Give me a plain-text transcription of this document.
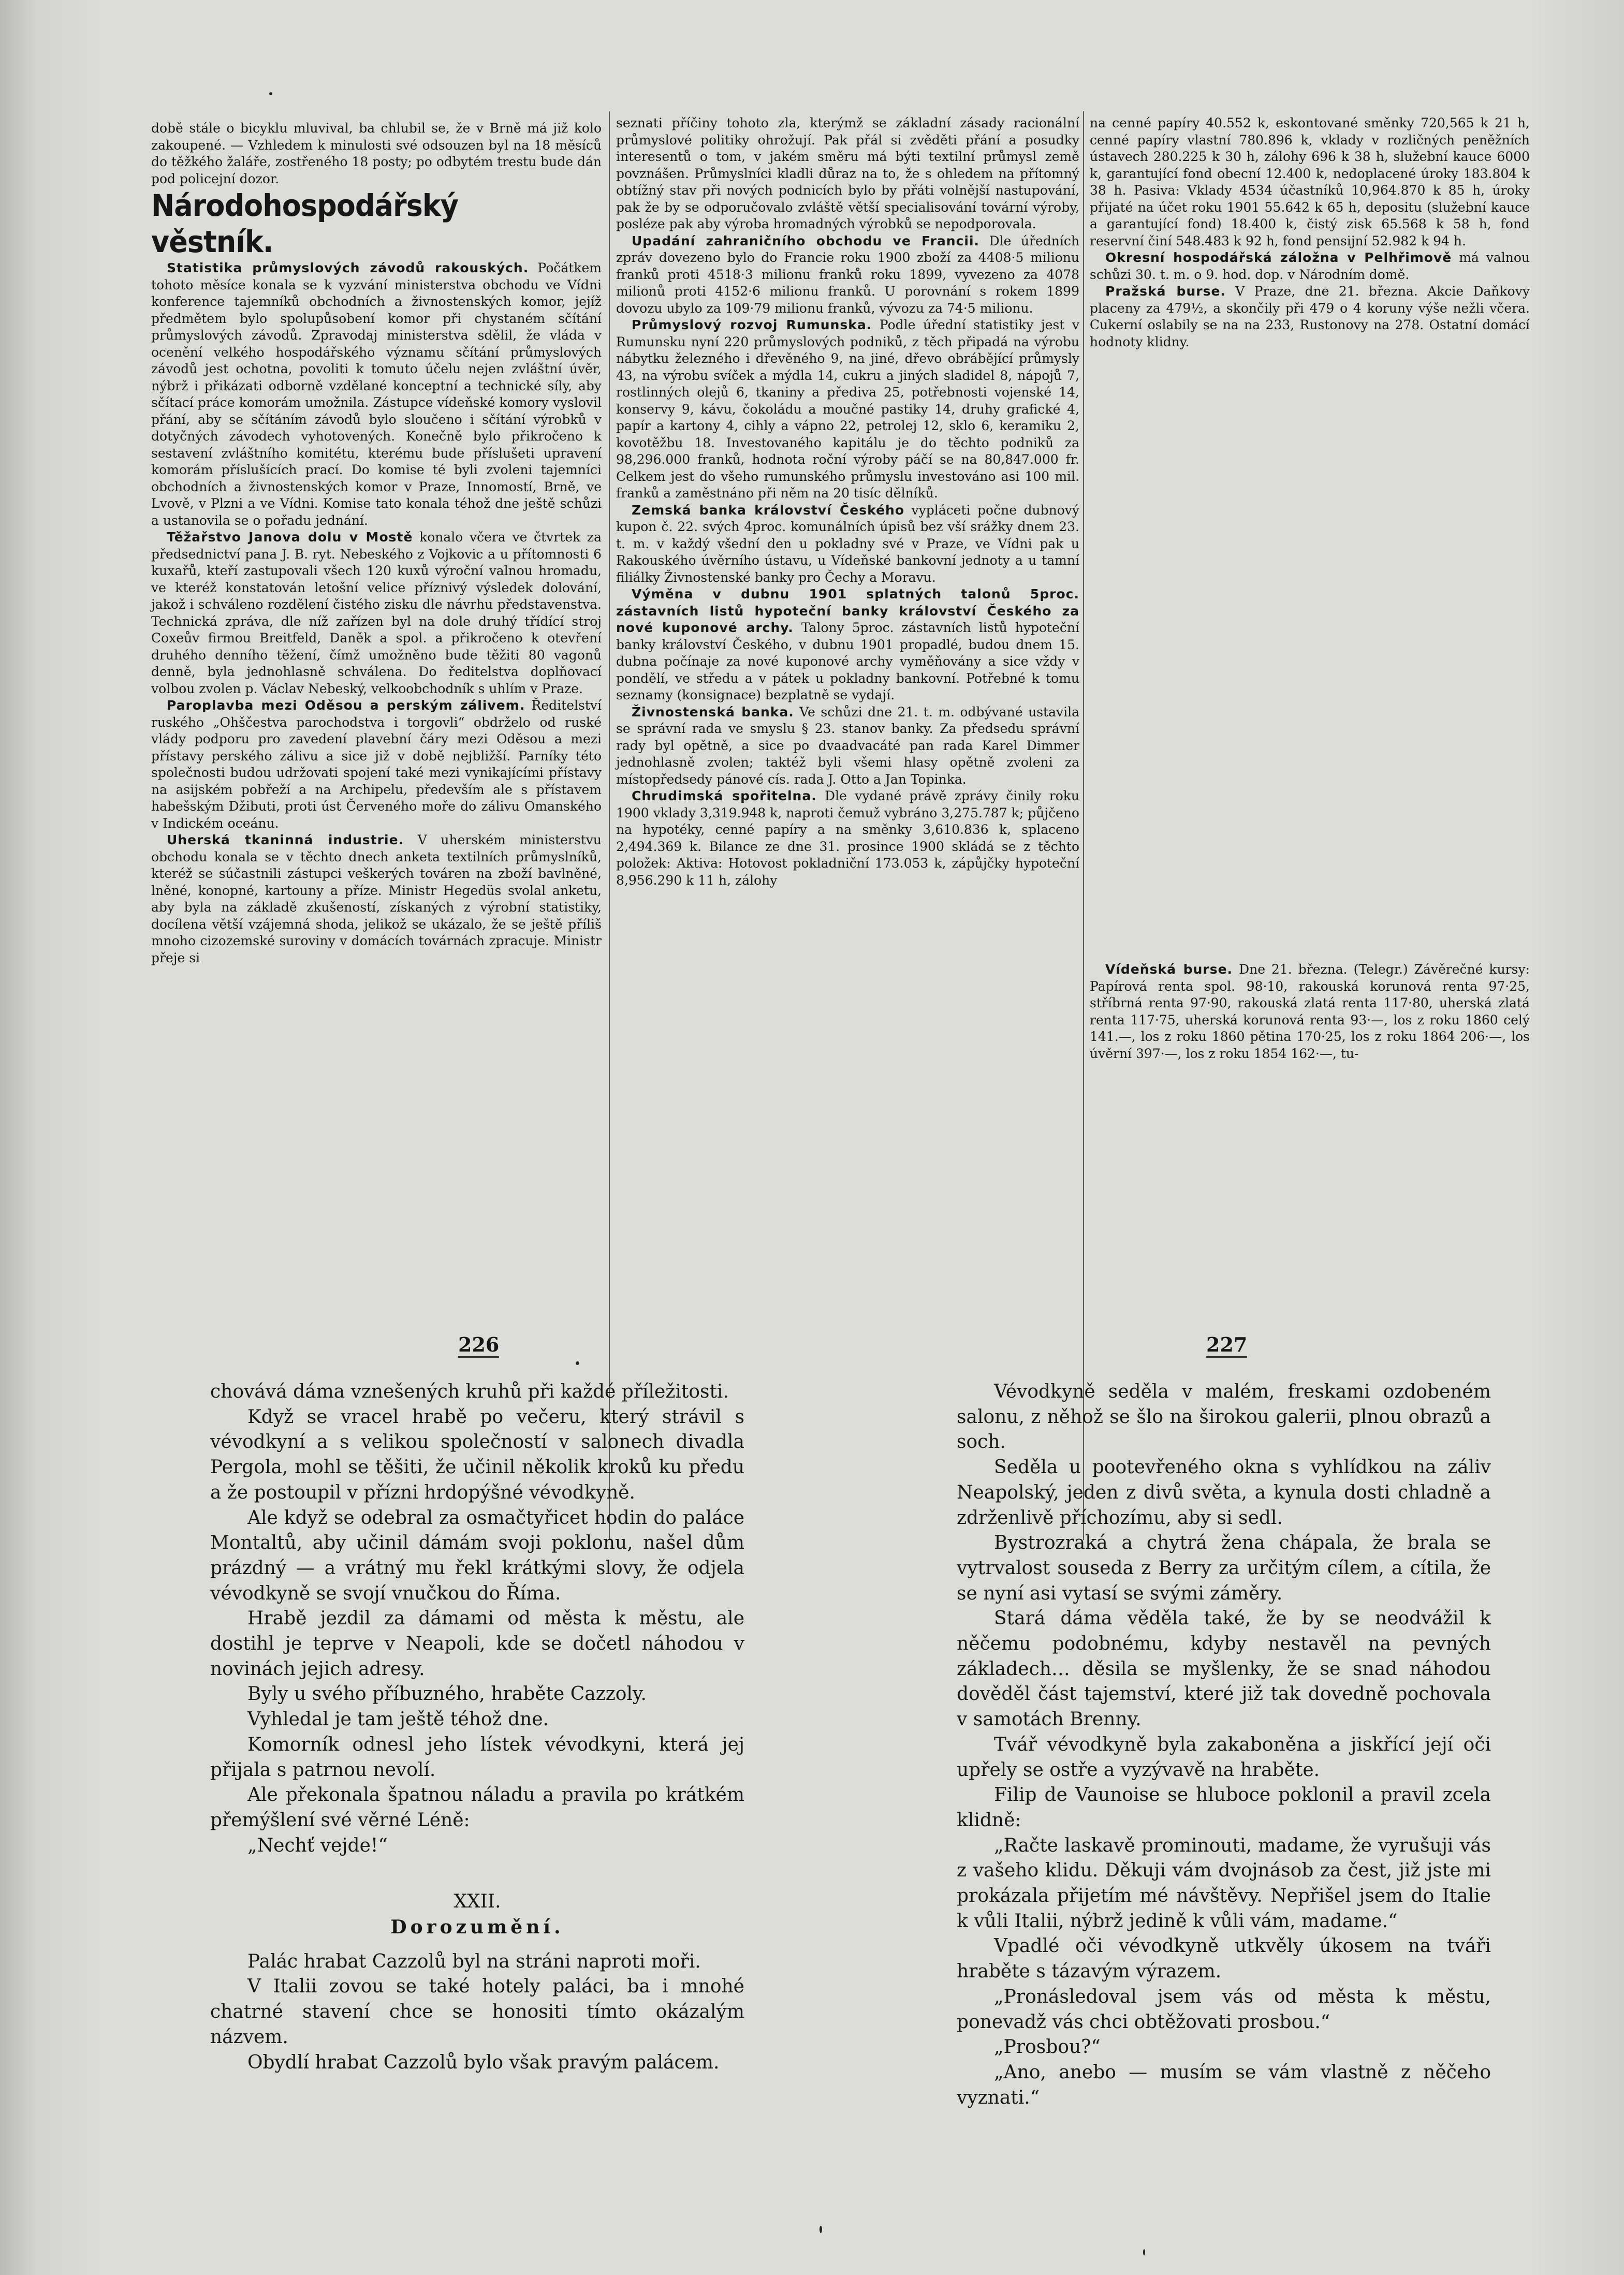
době stále o bicyklu mluvival, ba chlubil se, že v Brně má již kolo zakoupené. — Vzhledem k minulosti své odsouzen byl na 18 měsíců do těžkého žaláře, zostřeného 18 posty; po odbytém trestu bude dán pod policejní dozor.

Národohospodářský věstník.

Statistika průmyslových závodů rakouských. Počátkem tohoto měsíce konala se k vyzvání ministerstva obchodu ve Vídni konference tajemníků obchodních a živnostenských komor, jejíž předmětem bylo spolupůsobení komor při chystaném sčítání průmyslových závodů. Zpravodaj ministerstva sdělil, že vláda v ocenění velkého hospodářského významu sčítání průmyslových závodů jest ochotna, povoliti k tomuto účelu nejen zvláštní úvěr, nýbrž i přikázati odborně vzdělané konceptní a technické síly, aby sčítací práce komorám umožnila. Zástupce vídeňské komory vyslovil přání, aby se sčítáním závodů bylo sloučeno i sčítání výrobků v dotyčných závodech vyhotovených. Konečně bylo přikročeno k sestavení zvláštního komitétu, kterému bude příslušeti upravení komorám příslušících prací. Do komise té byli zvoleni tajemníci obchodních a živnostenských komor v Praze, Innomostí, Brně, ve Lvově, v Plzni a ve Vídni. Komise tato konala téhož dne ještě schůzi a ustanovila se o pořadu jednání.

Těžařstvo Janova dolu v Mostě konalo včera ve čtvrtek za předsednictví pana J. B. ryt. Nebeského z Vojkovic a u přítomnosti 6 kuxařů, kteří zastupovali všech 120 kuxů výroční valnou hromadu, ve kteréž konstatován letošní velice příznivý výsledek dolování, jakož i schváleno rozdělení čistého zisku dle návrhu představenstva. Technická zpráva, dle níž zařízen byl na dole druhý třídící stroj Coxeův firmou Breitfeld, Daněk a spol. a přikročeno k otevření druhého denního těžení, čímž umožněno bude těžiti 80 vagonů denně, byla jednohlasně schválena. Do ředitelstva doplňovací volbou zvolen p. Václav Nebeský, velkoobchodník s uhlím v Praze.

Paroplavba mezi Oděsou a perským zálivem. Ředitelství ruského „Ohščestva parochodstva i torgovli“ obdrželo od ruské vlády podporu pro zavedení plavební čáry mezi Oděsou a mezi přístavy perského zálivu a sice již v době nejbližší. Parníky této společnosti budou udržovati spojení také mezi vynikajícími přístavy na asijském pobřeží a na Archipelu, především ale s přístavem habešským Džibuti, proti úst Červeného moře do zálivu Omanského v Indickém oceánu.

Uherská tkaninná industrie. V uherském ministerstvu obchodu konala se v těchto dnech anketa textilních průmyslníků, kteréž se súčastnili zástupci veškerých továren na zboží bavlněné, lněné, konopné, kartouny a příze. Ministr Hegedüs svolal anketu, aby byla na základě zkušeností, získaných z výrobní statistiky, docílena větší vzájemná shoda, jelikož se ukázalo, že se ještě příliš mnoho cizozemské suroviny v domácích továrnách zpracuje. Ministr přeje si

seznati příčiny tohoto zla, kterýmž se základní zásady racionální průmyslové politiky ohrožují. Pak přál si zvěděti přání a posudky interesentů o tom, v jakém směru má býti textilní průmysl země povznášen. Průmyslníci kladli důraz na to, že s ohledem na přítomný obtížný stav při nových podnicích bylo by přáti volnější nastupování, pak že by se odporučovalo zvláště větší specialisování tovární výroby, posléze pak aby výroba hromadných výrobků se nepodporovala.

Upadání zahraničního obchodu ve Francii. Dle úředních zpráv dovezeno bylo do Francie roku 1900 zboží za 4408·5 milionu franků proti 4518·3 milionu franků roku 1899, vyvezeno za 4078 milionů proti 4152·6 milionu franků. U porovnání s rokem 1899 dovozu ubylo za 109·79 milionu franků, vývozu za 74·5 milionu.

Průmyslový rozvoj Rumunska. Podle úřední statistiky jest v Rumunsku nyní 220 průmyslových podniků, z těch připadá na výrobu nábytku železného i dřevěného 9, na jiné, dřevo obrábějící průmysly 43, na výrobu svíček a mýdla 14, cukru a jiných sladidel 8, nápojů 7, rostlinných olejů 6, tkaniny a přediva 25, potřebnosti vojenské 14, konservy 9, kávu, čokoládu a moučné pastiky 14, druhy grafické 4, papír a kartony 4, cihly a vápno 22, petrolej 12, sklo 6, keramiku 2, kovotěžbu 18. Investovaného kapitálu je do těchto podniků za 98,296.000 franků, hodnota roční výroby páčí se na 80,847.000 fr. Celkem jest do všeho rumunského průmyslu investováno asi 100 mil. franků a zaměstnáno při něm na 20 tisíc dělníků.

Zemská banka království Českého vypláceti počne dubnový kupon č. 22. svých 4proc. komunálních úpisů bez vší srážky dnem 23. t. m. v každý všední den u pokladny své v Praze, ve Vídni pak u Rakouského úvěrního ústavu, u Vídeňské bankovní jednoty a u tamní filiálky Živnostenské banky pro Čechy a Moravu.

Výměna v dubnu 1901 splatných talonů 5proc. zástavních listů hypoteční banky království Českého za nové kuponové archy. Talony 5proc. zástavních listů hypoteční banky království Českého, v dubnu 1901 propadlé, budou dnem 15. dubna počínaje za nové kuponové archy vyměňovány a sice vždy v pondělí, ve středu a v pátek u pokladny bankovní. Potřebné k tomu seznamy (konsignace) bezplatně se vydají.

Živnostenská banka. Ve schůzi dne 21. t. m. odbývané ustavila se správní rada ve smyslu § 23. stanov banky. Za předsedu správní rady byl opětně, a sice po dvaadvacáté pan rada Karel Dimmer jednohlasně zvolen; taktéž byli všemi hlasy opětně zvoleni za místopředsedy pánové cís. rada J. Otto a Jan Topinka.

Chrudimská spořitelna. Dle vydané právě zprávy činily roku 1900 vklady 3,319.948 k, naproti čemuž vybráno 3,275.787 k; půjčeno na hypotéky, cenné papíry a na směnky 3,610.836 k, splaceno 2,494.369 k. Bilance ze dne 31. prosince 1900 skládá se z těchto položek: Aktiva: Hotovost pokladniční 173.053 k, zápůjčky hypoteční 8,956.290 k 11 h, zálohy

na cenné papíry 40.552 k, eskontované směnky 720,565 k 21 h, cenné papíry vlastní 780.896 k, vklady v rozličných peněžních ústavech 280.225 k 30 h, zálohy 696 k 38 h, služební kauce 6000 k, garantující fond obecní 12.400 k, nedoplacené úroky 183.804 k 38 h. Pasiva: Vklady 4534 účastníků 10,964.870 k 85 h, úroky přijaté na účet roku 1901 55.642 k 65 h, depositu (služební kauce a garantující fond) 18.400 k, čistý zisk 65.568 k 58 h, fond reservní činí 548.483 k 92 h, fond pensijní 52.982 k 94 h.

Okresní hospodářská záložna v Pelhřimově má valnou schůzi 30. t. m. o 9. hod. dop. v Národním domě.

Pražská burse. V Praze, dne 21. března. Akcie Daňkovy placeny za 479½, a skončily při 479 o 4 koruny výše nežli včera. Cukerní oslabily se na na 233, Rustonovy na 278. Ostatní domácí hodnoty klidny.

Vídeňská burse. Dne 21. března. (Telegr.) Závěrečné kursy: Papírová renta spol. 98·10, rakouská korunová renta 97·25, stříbrná renta 97·90, rakouská zlatá renta 117·80, uherská zlatá renta 117·75, uherská korunová renta 93·—, los z roku 1860 celý 141.—, los z roku 1860 pětina 170·25, los z roku 1864 206·—, los úvěrní 397·—, los z roku 1854 162·—, tu-

226	227

chovává dáma vznešených kruhů při každé příležitosti.

Když se vracel hrabě po večeru, který strávil s vévodkyní a s velikou společností v salonech divadla Pergola, mohl se těšiti, že učinil několik kroků ku předu a že postoupil v přízni hrdopýšné vévodkyně.

Ale když se odebral za osmačtyřicet hodin do paláce Montaltů, aby učinil dámám svoji poklonu, našel dům prázdný — a vrátný mu řekl krátkými slovy, že odjela vévodkyně se svojí vnučkou do Říma.

Hrabě jezdil za dámami od města k městu, ale dostihl je teprve v Neapoli, kde se dočetl náhodou v novinách jejich adresy.

Byly u svého příbuzného, hraběte Cazzoly.

Vyhledal je tam ještě téhož dne.

Komorník odnesl jeho lístek vévodkyni, která jej přijala s patrnou nevolí.

Ale překonala špatnou náladu a pravila po krátkém přemýšlení své věrné Léně:

„Nechť vejde!“

XXII.

Dorozumění.

Palác hrabat Cazzolů byl na stráni naproti moři.

V Italii zovou se také hotely paláci, ba i mnohé chatrné stavení chce se honositi tímto okázalým názvem.

Obydlí hrabat Cazzolů bylo však pravým palácem.

Vévodkyně seděla v malém, freskami ozdobeném salonu, z něhož se šlo na širokou galerii, plnou obrazů a soch.

Seděla u pootevřeného okna s vyhlídkou na záliv Neapolský, jeden z divů světa, a kynula dosti chladně a zdrženlivě příchozímu, aby si sedl.

Bystrozraká a chytrá žena chápala, že brala se vytrvalost souseda z Berry za určitým cílem, a cítila, že se nyní asi vytasí se svými záměry.

Stará dáma věděla také, že by se neodvážil k něčemu podobnému, kdyby nestavěl na pevných základech… děsila se myšlenky, že se snad náhodou dověděl část tajemství, které již tak dovedně pochovala v samotách Brenny.

Tvář vévodkyně byla zakaboněna a jiskřící její oči upřely se ostře a vyzývavě na hraběte.

Filip de Vaunoise se hluboce poklonil a pravil zcela klidně:

„Račte laskavě prominouti, madame, že vyrušuji vás z vašeho klidu. Děkuji vám dvojnásob za čest, již jste mi prokázala přijetím mé návštěvy. Nepřišel jsem do Italie k vůli Italii, nýbrž jedině k vůli vám, madame.“

Vpadlé oči vévodkyně utkvěly úkosem na tváři hraběte s tázavým výrazem.

„Pronásledoval jsem vás od města k městu, ponevadž vás chci obtěžovati prosbou.“

„Prosbou?“

„Ano, anebo — musím se vám vlastně z něčeho vyznati.“
